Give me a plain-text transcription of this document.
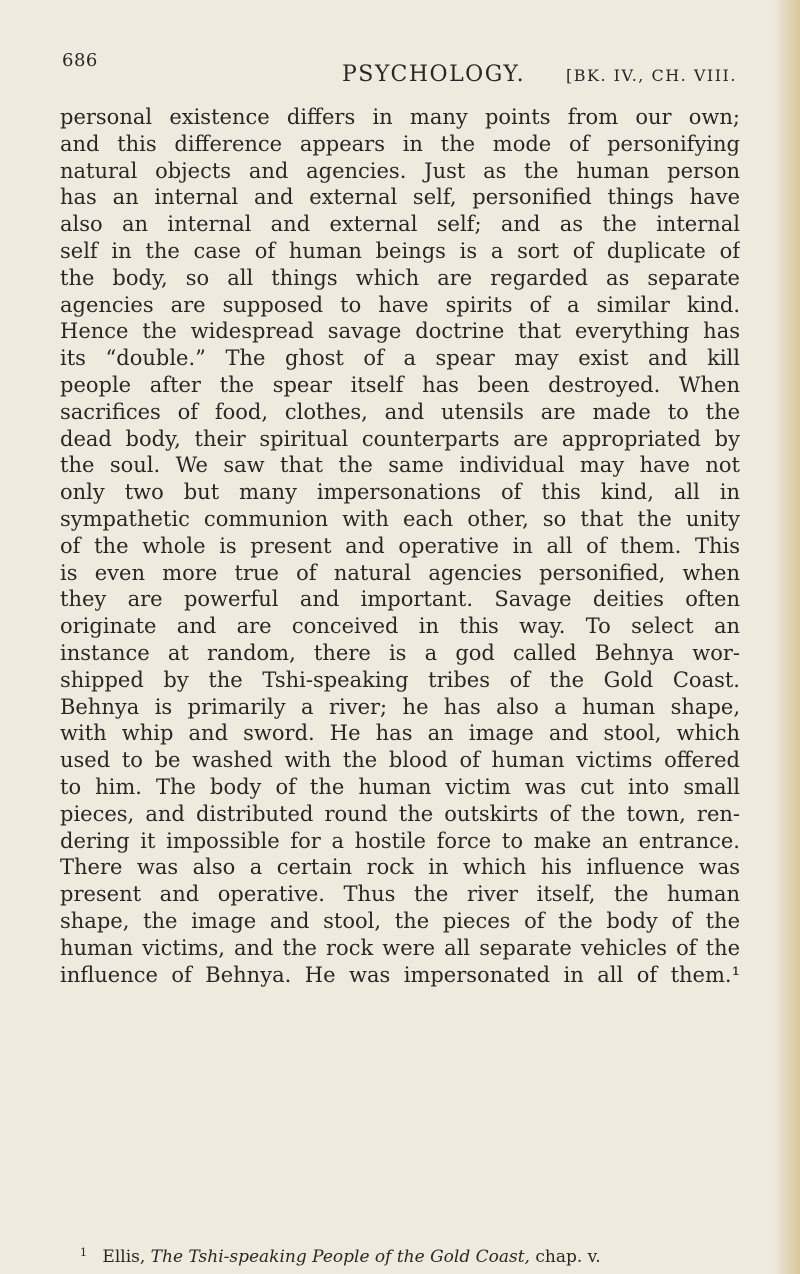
686
PSYCHOLOGY.	[BK. IV., CH. VIII.
personal existence differs in many points from our own;
and this difference appears in the mode of personifying
natural objects and agencies. Just as the human person
has an internal and external self, personified things have
also an internal and external self; and as the internal
self in the case of human beings is a sort of duplicate of
the body, so all things which are regarded as separate
agencies are supposed to have spirits of a similar kind.
Hence the widespread savage doctrine that everything has
its “double.” The ghost of a spear may exist and kill
people after the spear itself has been destroyed. When
sacrifices of food, clothes, and utensils are made to the
dead body, their spiritual counterparts are appropriated by
the soul. We saw that the same individual may have not
only two but many impersonations of this kind, all in
sympathetic communion with each other, so that the unity
of the whole is present and operative in all of them. This
is even more true of natural agencies personified, when
they are powerful and important. Savage deities often
originate and are conceived in this way. To select an
instance at random, there is a god called Behnya wor-
shipped by the Tshi-speaking tribes of the Gold Coast.
Behnya is primarily a river; he has also a human shape,
with whip and sword. He has an image and stool, which
used to be washed with the blood of human victims offered
to him. The body of the human victim was cut into small
pieces, and distributed round the outskirts of the town, ren-
dering it impossible for a hostile force to make an entrance.
There was also a certain rock in which his influence was
present and operative. Thus the river itself, the human
shape, the image and stool, the pieces of the body of the
human victims, and the rock were all separate vehicles of the
influence of Behnya. He was impersonated in all of them.¹
$^1$ Ellis, The Tshi-speaking People of the Gold Coast, chap. v.
